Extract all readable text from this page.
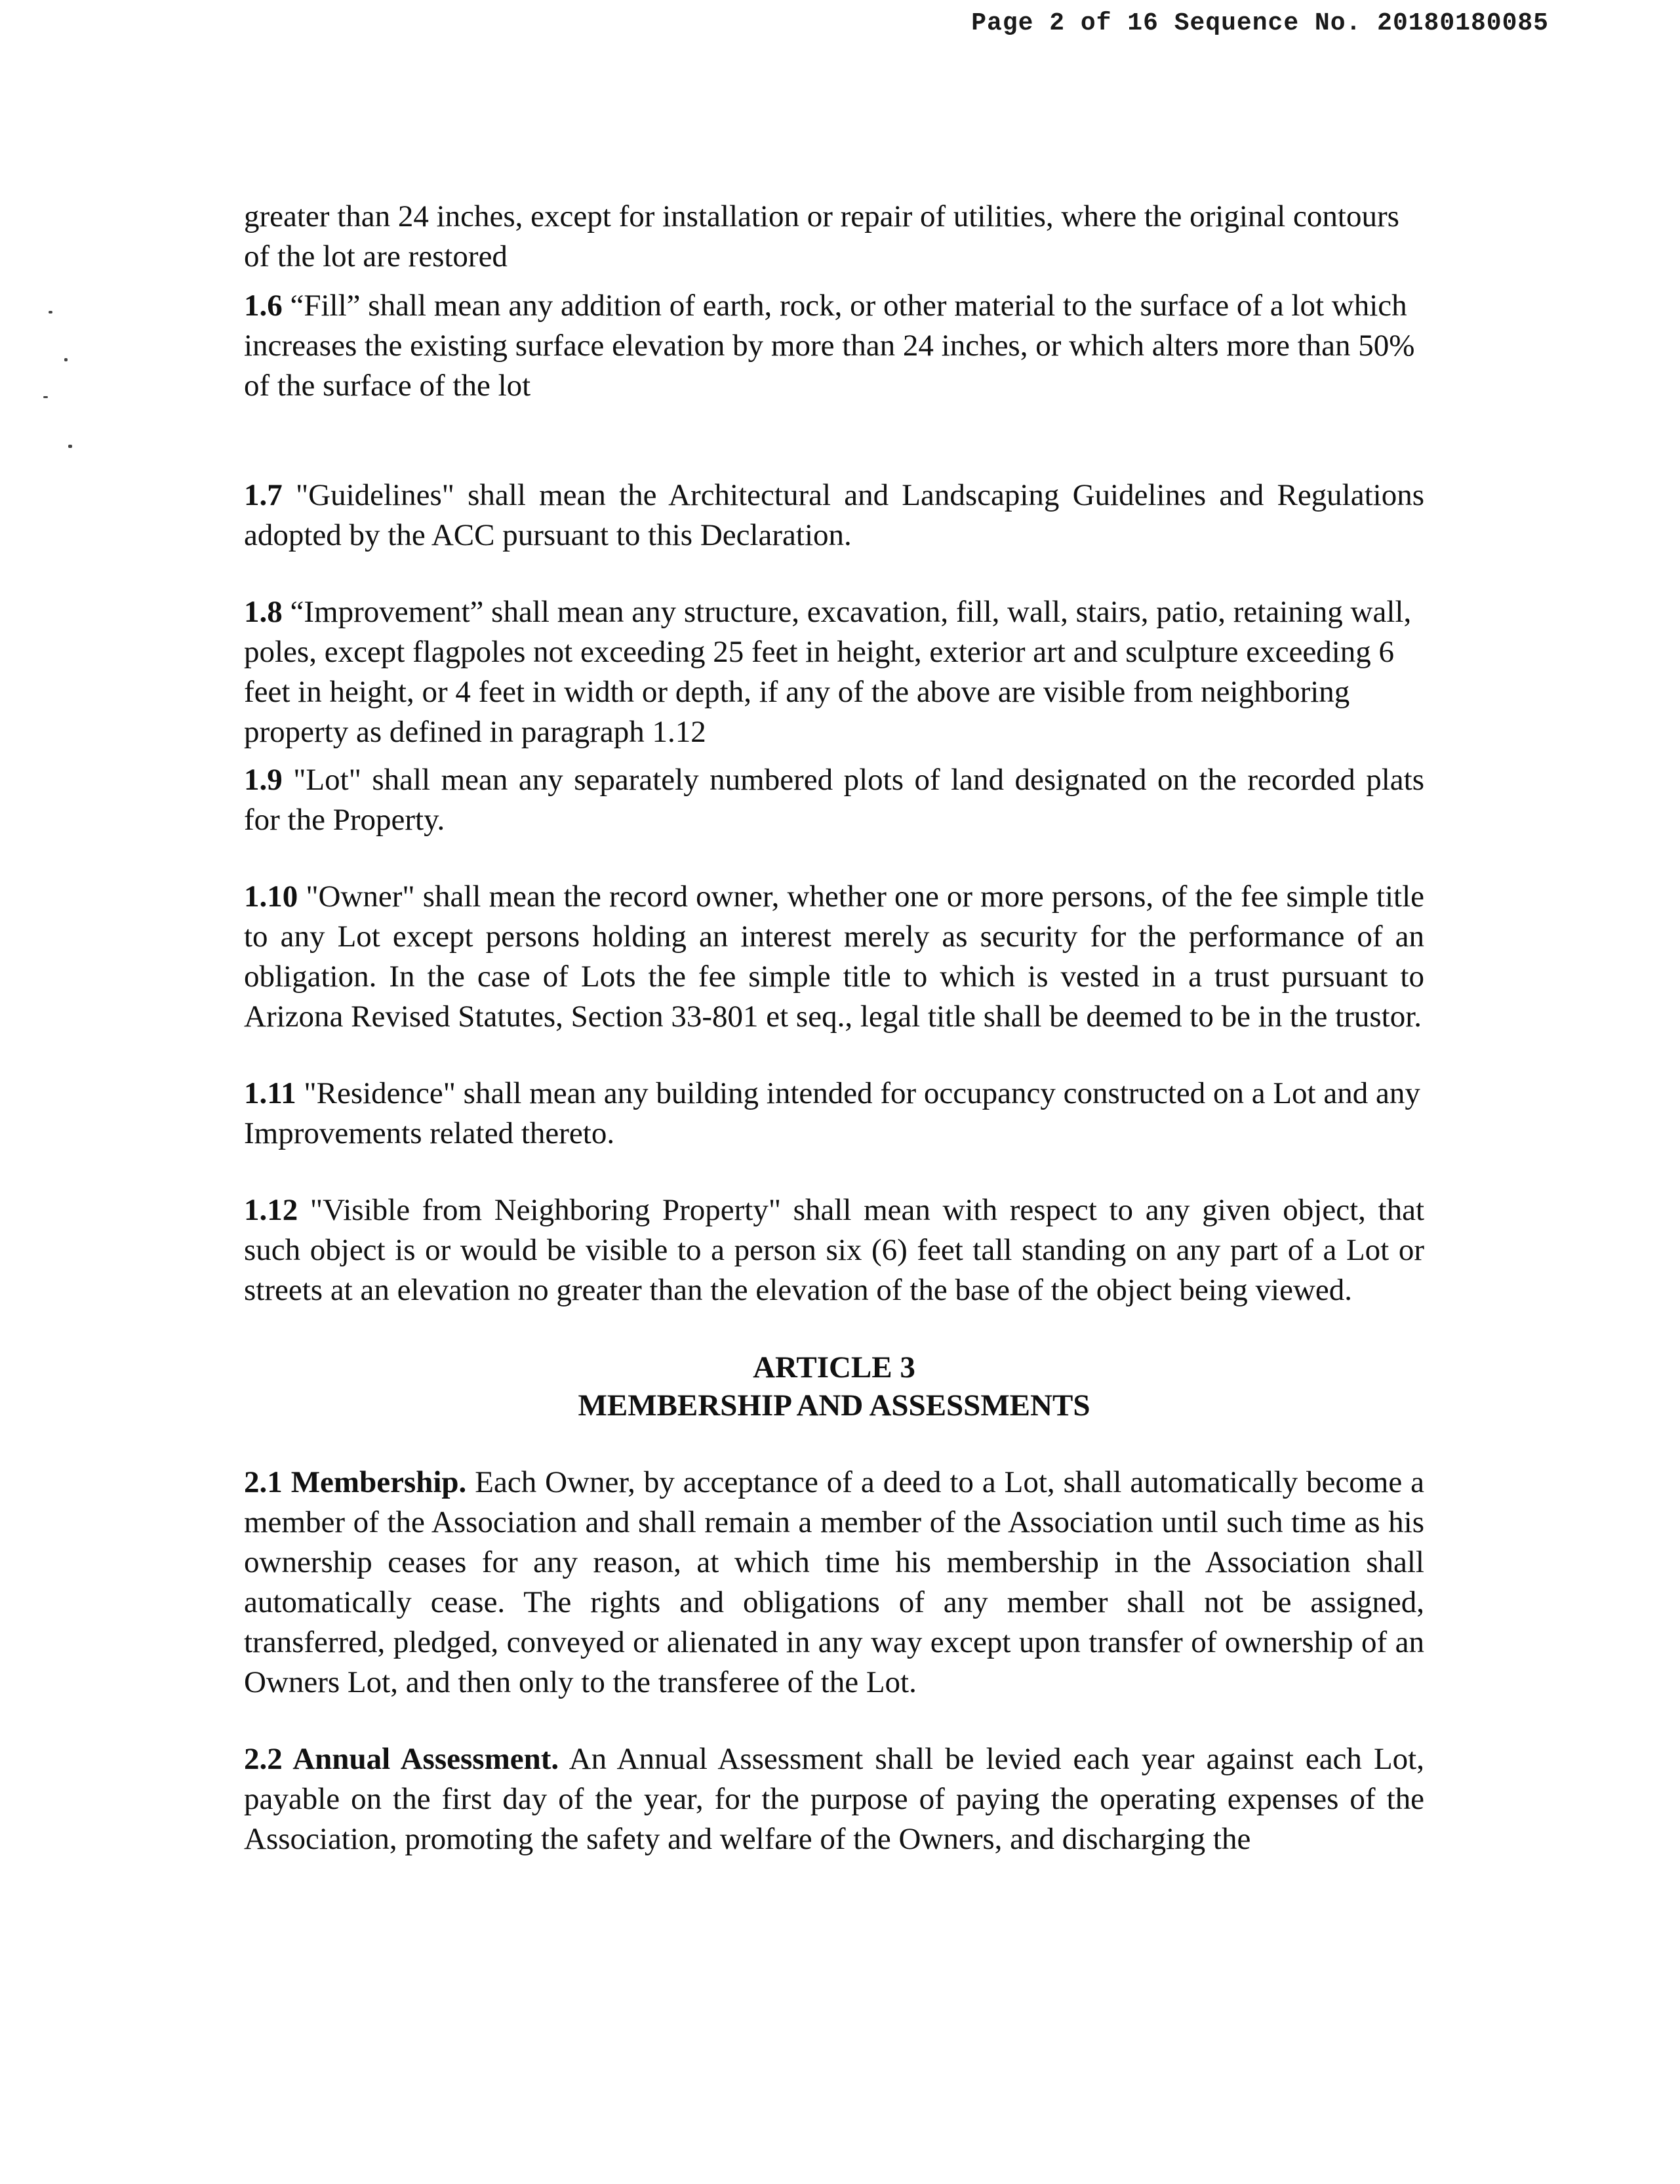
Page 2 of 16 Sequence No. 20180180085

greater than 24 inches, except for installation or repair of utilities, where the original contours of the lot are restored

1.6 “Fill” shall mean any addition of earth, rock, or other material to the surface of a lot which increases the existing surface elevation by more than 24 inches, or which alters more than 50% of the surface of the lot

1.7 "Guidelines" shall mean the Architectural and Landscaping Guidelines and Regulations adopted by the ACC pursuant to this Declaration.

1.8 “Improvement” shall mean any structure, excavation, fill, wall, stairs, patio, retaining wall, poles, except flagpoles not exceeding 25 feet in height, exterior art and sculpture exceeding 6 feet in height, or 4 feet in width or depth, if any of the above are visible from neighboring property as defined in paragraph 1.12

1.9 "Lot" shall mean any separately numbered plots of land designated on the recorded plats for the Property.

1.10 "Owner" shall mean the record owner, whether one or more persons, of the fee simple title to any Lot except persons holding an interest merely as security for the performance of an obligation. In the case of Lots the fee simple title to which is vested in a trust pursuant to Arizona Revised Statutes, Section 33-801 et seq., legal title shall be deemed to be in the trustor.

1.11 "Residence" shall mean any building intended for occupancy constructed on a Lot and any Improvements related thereto.

1.12 "Visible from Neighboring Property" shall mean with respect to any given object, that such object is or would be visible to a person six (6) feet tall standing on any part of a Lot or streets at an elevation no greater than the elevation of the base of the object being viewed.

ARTICLE 3
MEMBERSHIP AND ASSESSMENTS

2.1 Membership. Each Owner, by acceptance of a deed to a Lot, shall automatically become a member of the Association and shall remain a member of the Association until such time as his ownership ceases for any reason, at which time his membership in the Association shall automatically cease. The rights and obligations of any member shall not be assigned, transferred, pledged, conveyed or alienated in any way except upon transfer of ownership of an Owners Lot, and then only to the transferee of the Lot.

2.2 Annual Assessment. An Annual Assessment shall be levied each year against each Lot, payable on the first day of the year, for the purpose of paying the operating expenses of the Association, promoting the safety and welfare of the Owners, and discharging the
